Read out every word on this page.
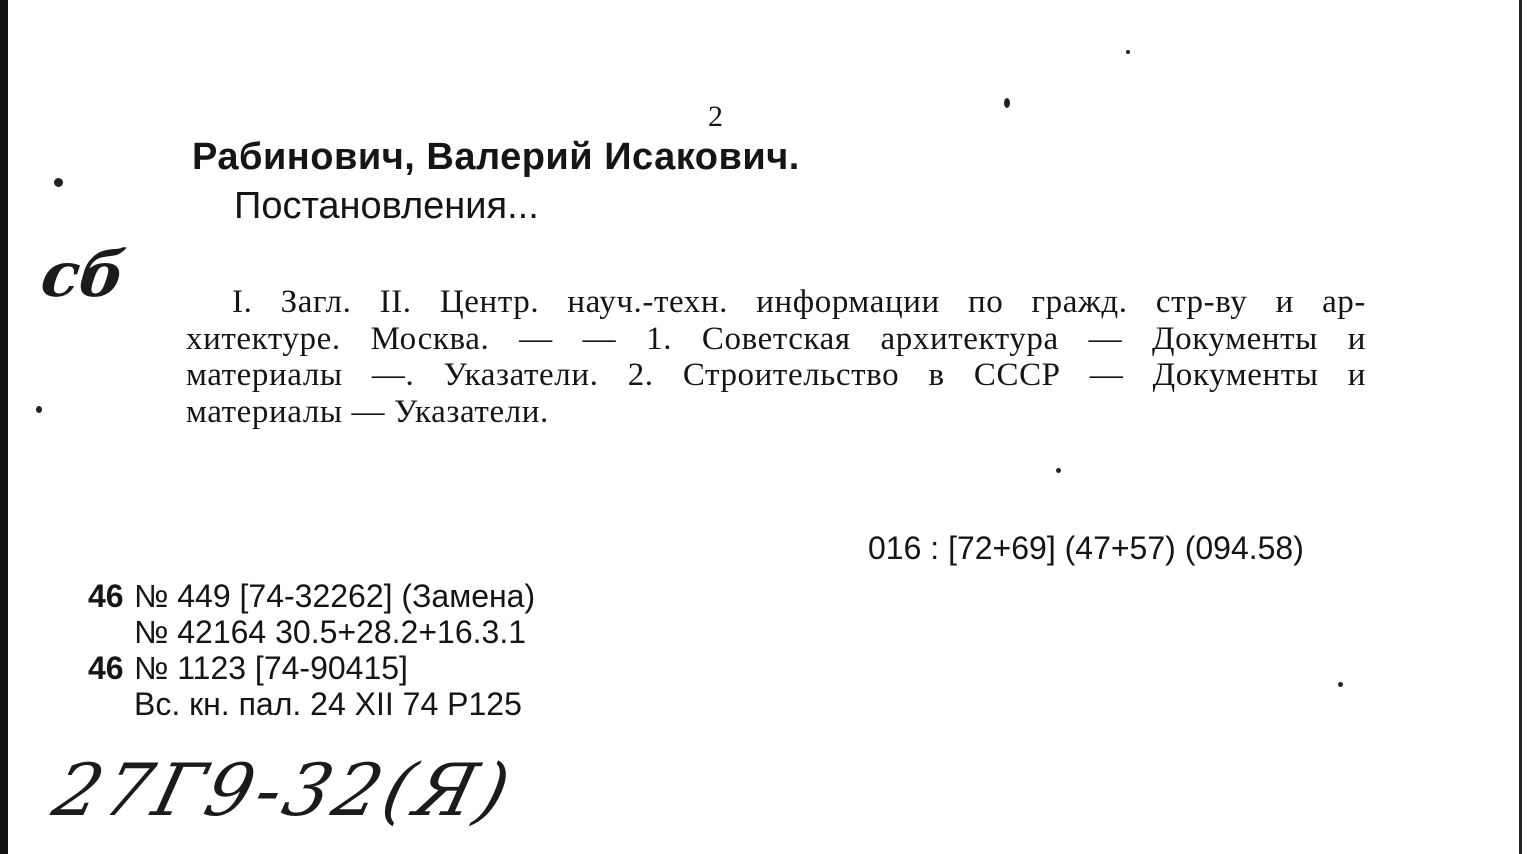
2
Рабинович, Валерий Исакович.
Постановления...
сб	I. Загл. II. Центр. науч.-техн. информации по гражд. стр-ву и ар-
хитектуре. Москва. — — 1. Советская архитектура — Документы и
материалы —. Указатели. 2. Строительство в СССР — Документы и
материалы — Указатели.
016 : [72+69] (47+57) (094.58)
46 № 449 [74-32262] (Замена)
№ 42164 30.5+28.2+16.3.1
46 № 1123 [74-90415]
Вс. кн. пал. 24 XII 74 Р125
27Г9-32(Я)
